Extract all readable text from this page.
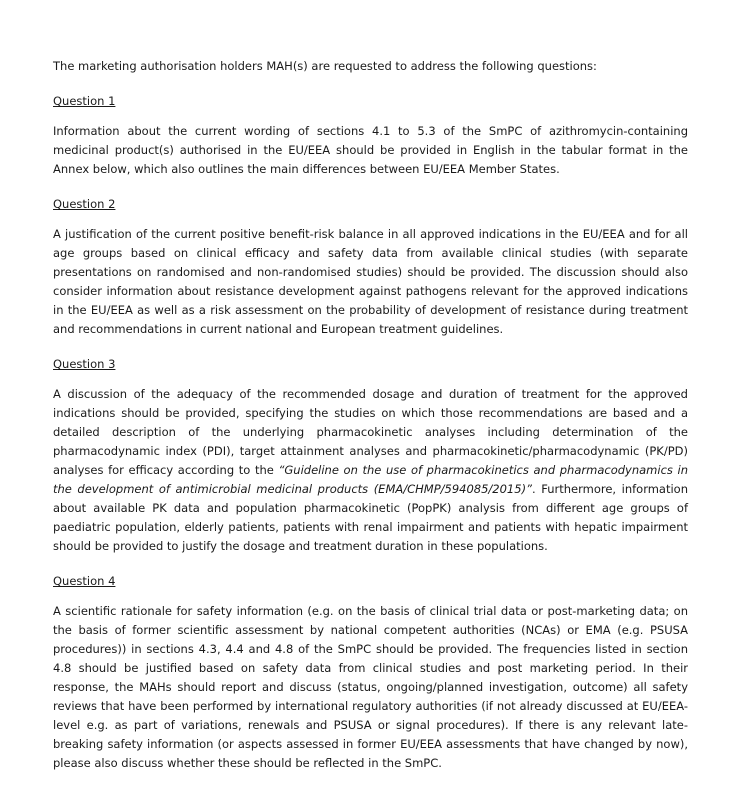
The marketing authorisation holders MAH(s) are requested to address the following questions:

Question 1

Information about the current wording of sections 4.1 to 5.3 of the SmPC of azithromycin-containing medicinal product(s) authorised in the EU/EEA should be provided in English in the tabular format in the Annex below, which also outlines the main differences between EU/EEA Member States.

Question 2

A justification of the current positive benefit-risk balance in all approved indications in the EU/EEA and for all age groups based on clinical efficacy and safety data from available clinical studies (with separate presentations on randomised and non-randomised studies) should be provided. The discussion should also consider information about resistance development against pathogens relevant for the approved indications in the EU/EEA as well as a risk assessment on the probability of development of resistance during treatment and recommendations in current national and European treatment guidelines.

Question 3

A discussion of the adequacy of the recommended dosage and duration of treatment for the approved indications should be provided, specifying the studies on which those recommendations are based and a detailed description of the underlying pharmacokinetic analyses including determination of the pharmacodynamic index (PDI), target attainment analyses and pharmacokinetic/pharmacodynamic (PK/PD) analyses for efficacy according to the “Guideline on the use of pharmacokinetics and pharmacodynamics in the development of antimicrobial medicinal products (EMA/CHMP/594085/2015)”. Furthermore, information about available PK data and population pharmacokinetic (PopPK) analysis from different age groups of paediatric population, elderly patients, patients with renal impairment and patients with hepatic impairment should be provided to justify the dosage and treatment duration in these populations.

Question 4

A scientific rationale for safety information (e.g. on the basis of clinical trial data or post-marketing data; on the basis of former scientific assessment by national competent authorities (NCAs) or EMA (e.g. PSUSA procedures)) in sections 4.3, 4.4 and 4.8 of the SmPC should be provided. The frequencies listed in section 4.8 should be justified based on safety data from clinical studies and post marketing period. In their response, the MAHs should report and discuss (status, ongoing/planned investigation, outcome) all safety reviews that have been performed by international regulatory authorities (if not already discussed at EU/EEA-level e.g. as part of variations, renewals and PSUSA or signal procedures). If there is any relevant late-breaking safety information (or aspects assessed in former EU/EEA assessments that have changed by now), please also discuss whether these should be reflected in the SmPC.
